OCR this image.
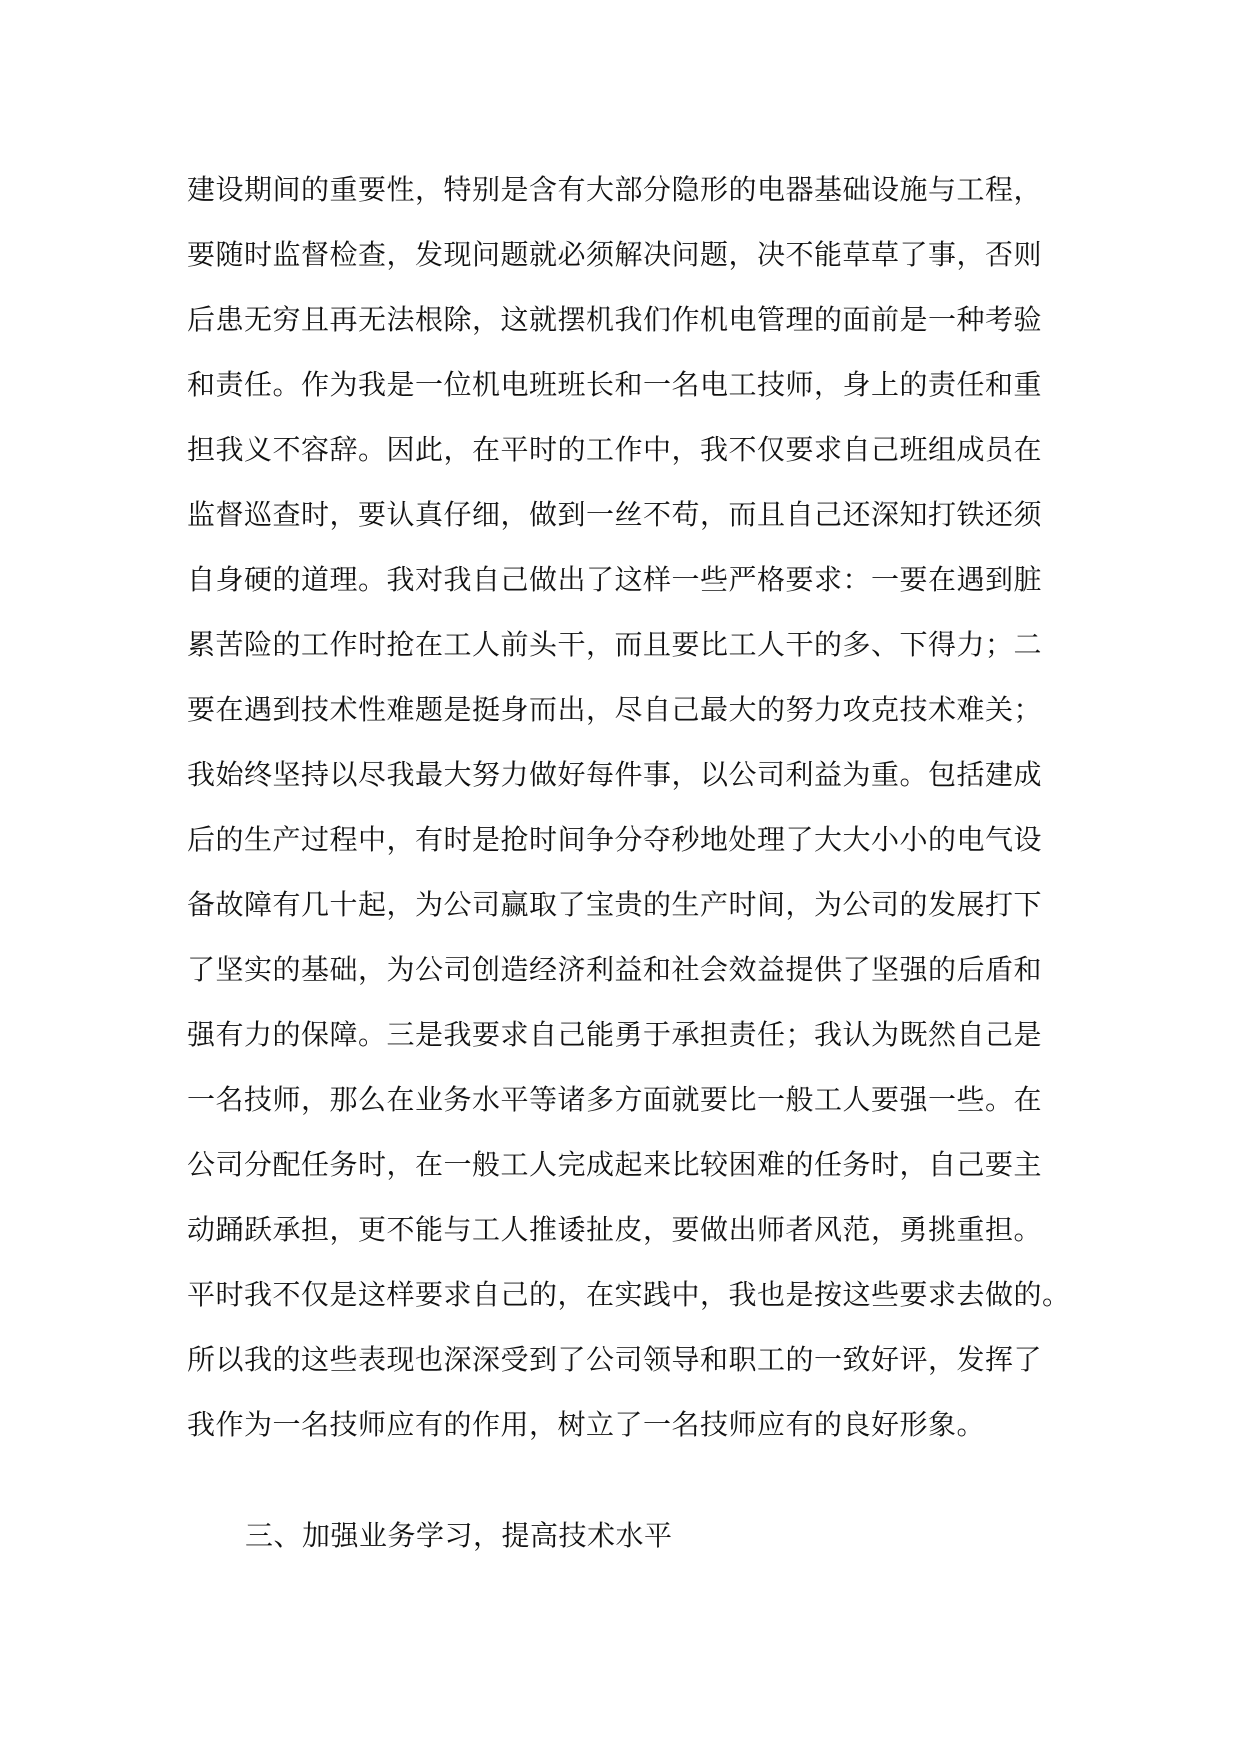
建设期间的重要性，特别是含有大部分隐形的电器基础设施与工程，
要随时监督检查，发现问题就必须解决问题，决不能草草了事，否则
后患无穷且再无法根除，这就摆机我们作机电管理的面前是一种考验
和责任。作为我是一位机电班班长和一名电工技师，身上的责任和重
担我义不容辞。因此，在平时的工作中，我不仅要求自己班组成员在
监督巡查时，要认真仔细，做到一丝不苟，而且自己还深知打铁还须
自身硬的道理。我对我自己做出了这样一些严格要求：一要在遇到脏
累苦险的工作时抢在工人前头干，而且要比工人干的多、下得力；二
要在遇到技术性难题是挺身而出，尽自己最大的努力攻克技术难关；
我始终坚持以尽我最大努力做好每件事，以公司利益为重。包括建成
后的生产过程中，有时是抢时间争分夺秒地处理了大大小小的电气设
备故障有几十起，为公司赢取了宝贵的生产时间，为公司的发展打下
了坚实的基础，为公司创造经济利益和社会效益提供了坚强的后盾和
强有力的保障。三是我要求自己能勇于承担责任；我认为既然自己是
一名技师，那么在业务水平等诸多方面就要比一般工人要强一些。在
公司分配任务时，在一般工人完成起来比较困难的任务时，自己要主
动踊跃承担，更不能与工人推诿扯皮，要做出师者风范，勇挑重担。
平时我不仅是这样要求自己的，在实践中，我也是按这些要求去做的。
所以我的这些表现也深深受到了公司领导和职工的一致好评，发挥了
我作为一名技师应有的作用，树立了一名技师应有的良好形象。
三、加强业务学习，提高技术水平
